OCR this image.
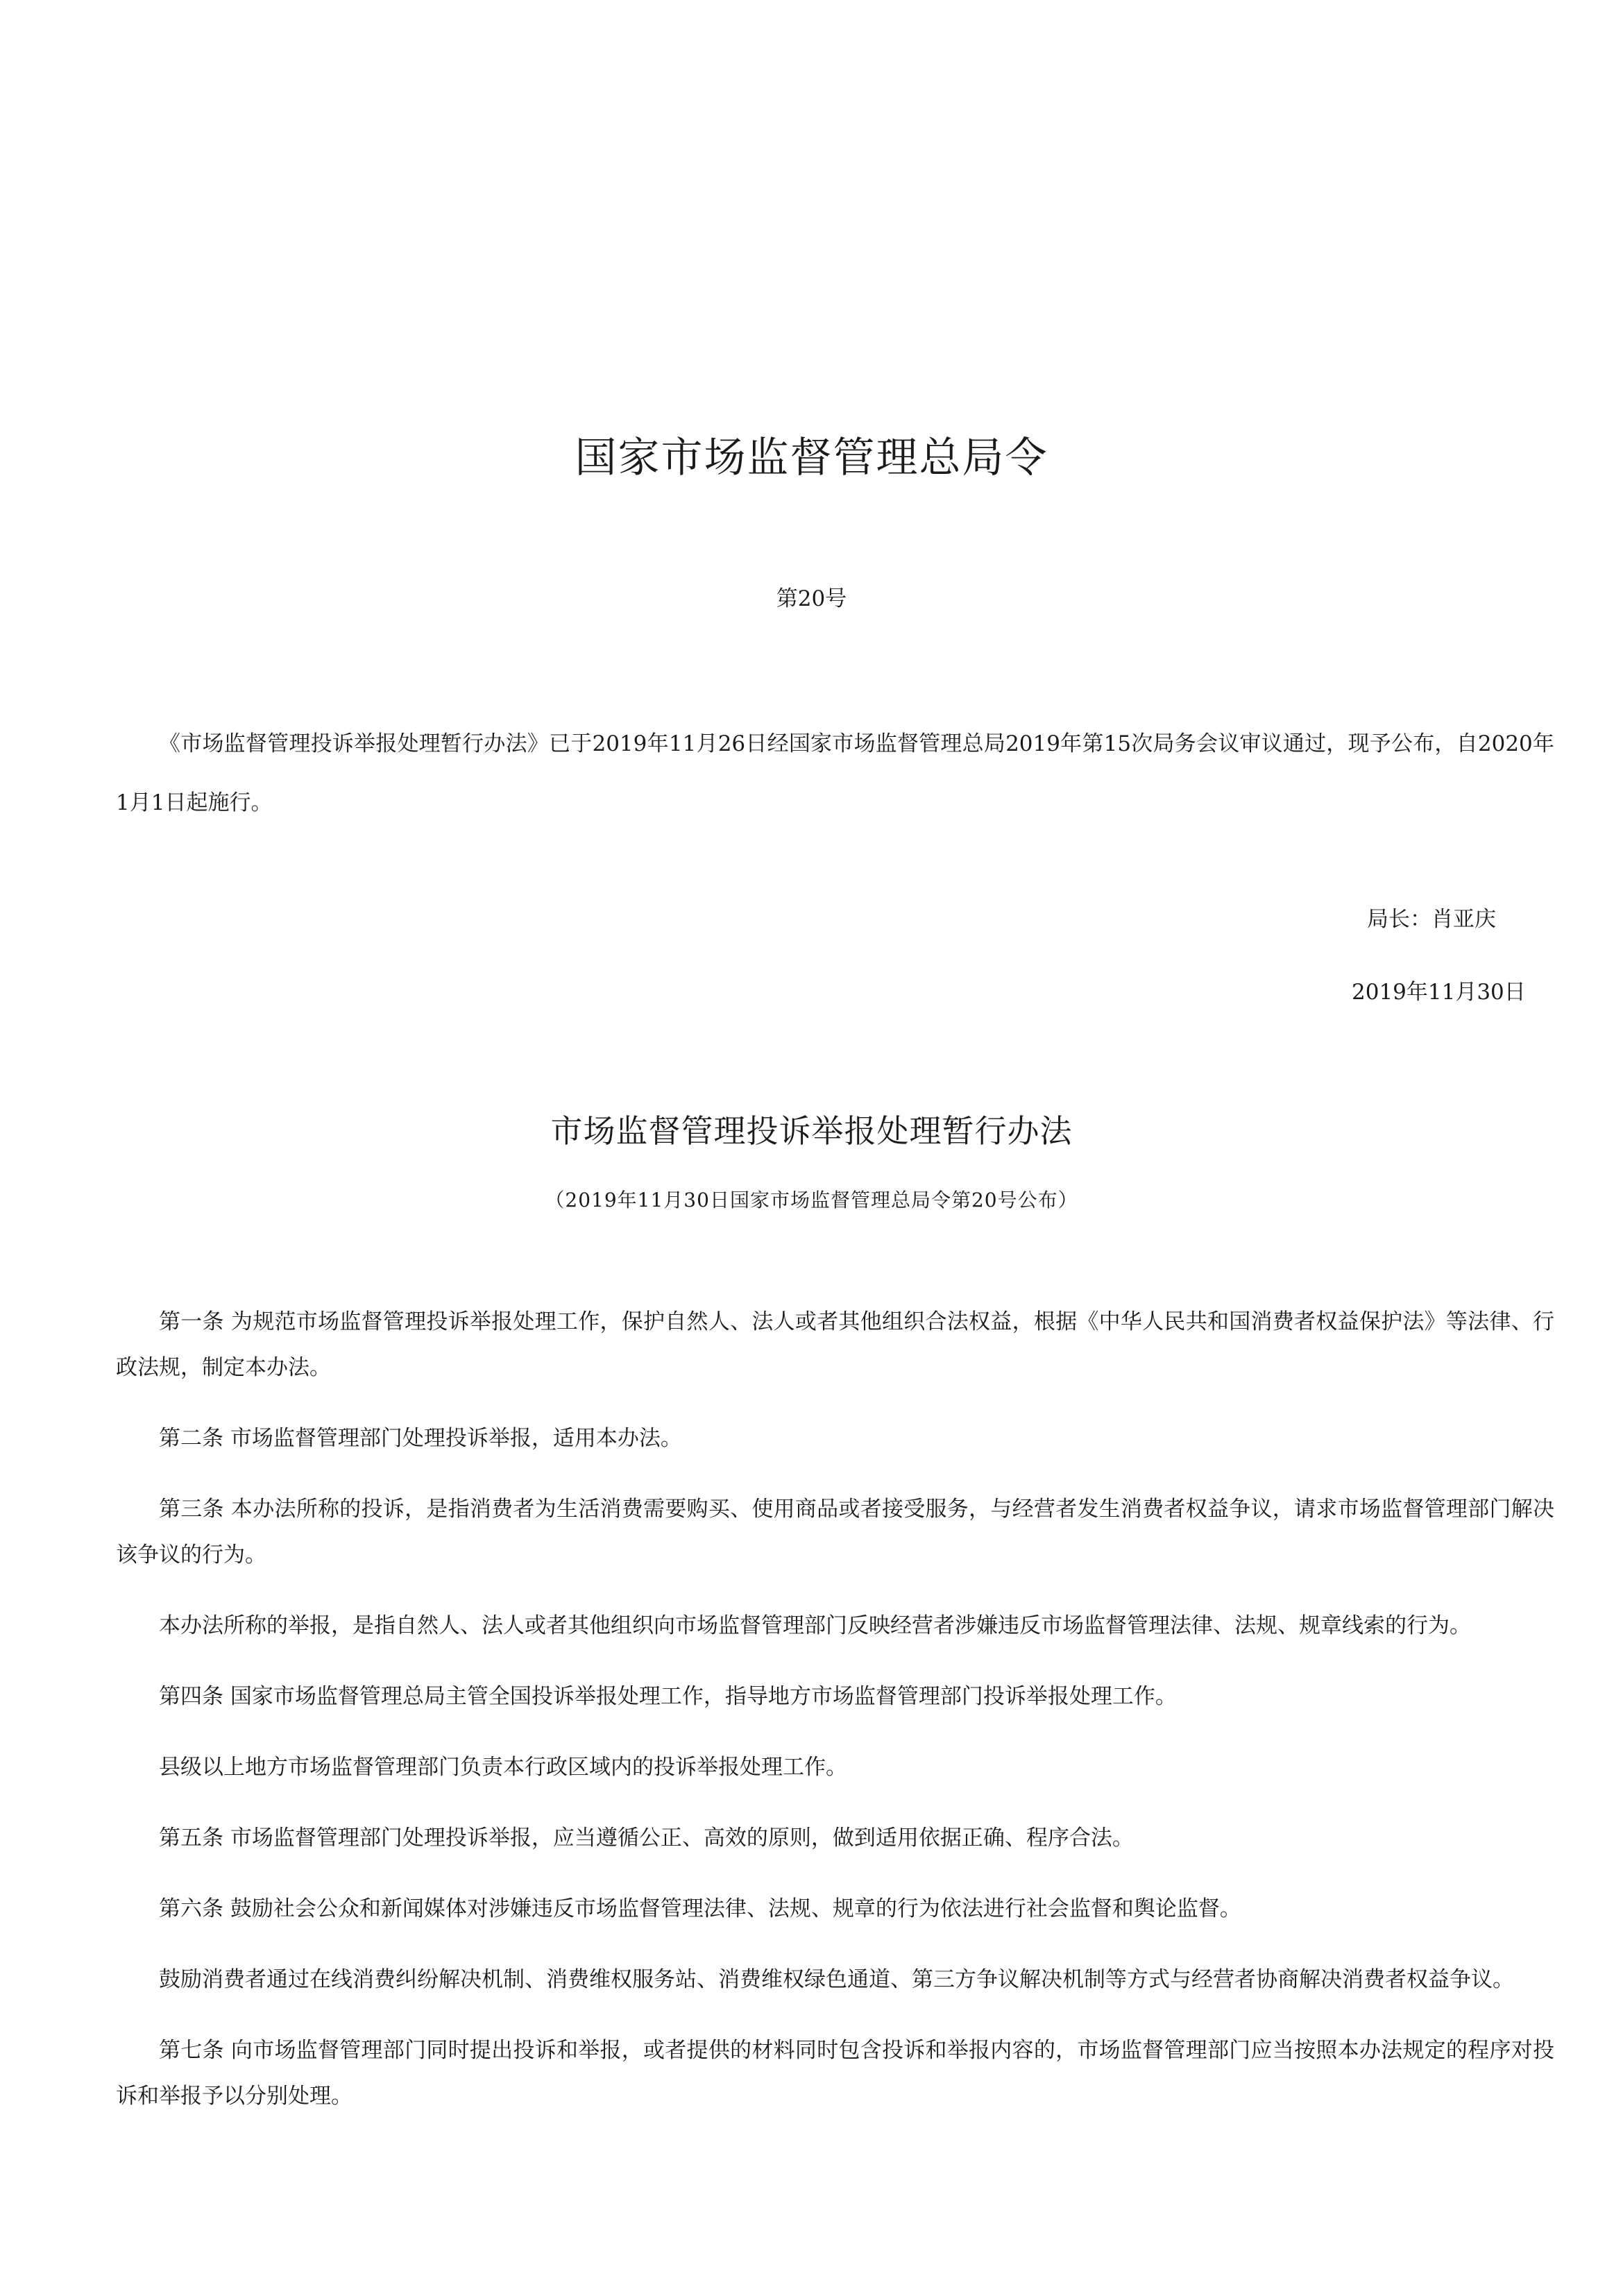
国家市场监督管理总局令
第20号

《市场监督管理投诉举报处理暂行办法》已于2019年11月26日经国家市场监督管理总局2019年第15次局务会议审议通过，现予公布，自2020年1月1日起施行。

局长：肖亚庆
2019年11月30日
市场监督管理投诉举报处理暂行办法
（2019年11月30日国家市场监督管理总局令第20号公布）

第一条 为规范市场监督管理投诉举报处理工作，保护自然人、法人或者其他组织合法权益，根据《中华人民共和国消费者权益保护法》等法律、行政法规，制定本办法。

第二条 市场监督管理部门处理投诉举报，适用本办法。

第三条 本办法所称的投诉，是指消费者为生活消费需要购买、使用商品或者接受服务，与经营者发生消费者权益争议，请求市场监督管理部门解决该争议的行为。

本办法所称的举报，是指自然人、法人或者其他组织向市场监督管理部门反映经营者涉嫌违反市场监督管理法律、法规、规章线索的行为。

第四条 国家市场监督管理总局主管全国投诉举报处理工作，指导地方市场监督管理部门投诉举报处理工作。

县级以上地方市场监督管理部门负责本行政区域内的投诉举报处理工作。

第五条 市场监督管理部门处理投诉举报，应当遵循公正、高效的原则，做到适用依据正确、程序合法。

第六条 鼓励社会公众和新闻媒体对涉嫌违反市场监督管理法律、法规、规章的行为依法进行社会监督和舆论监督。

鼓励消费者通过在线消费纠纷解决机制、消费维权服务站、消费维权绿色通道、第三方争议解决机制等方式与经营者协商解决消费者权益争议。

第七条 向市场监督管理部门同时提出投诉和举报，或者提供的材料同时包含投诉和举报内容的，市场监督管理部门应当按照本办法规定的程序对投诉和举报予以分别处理。
